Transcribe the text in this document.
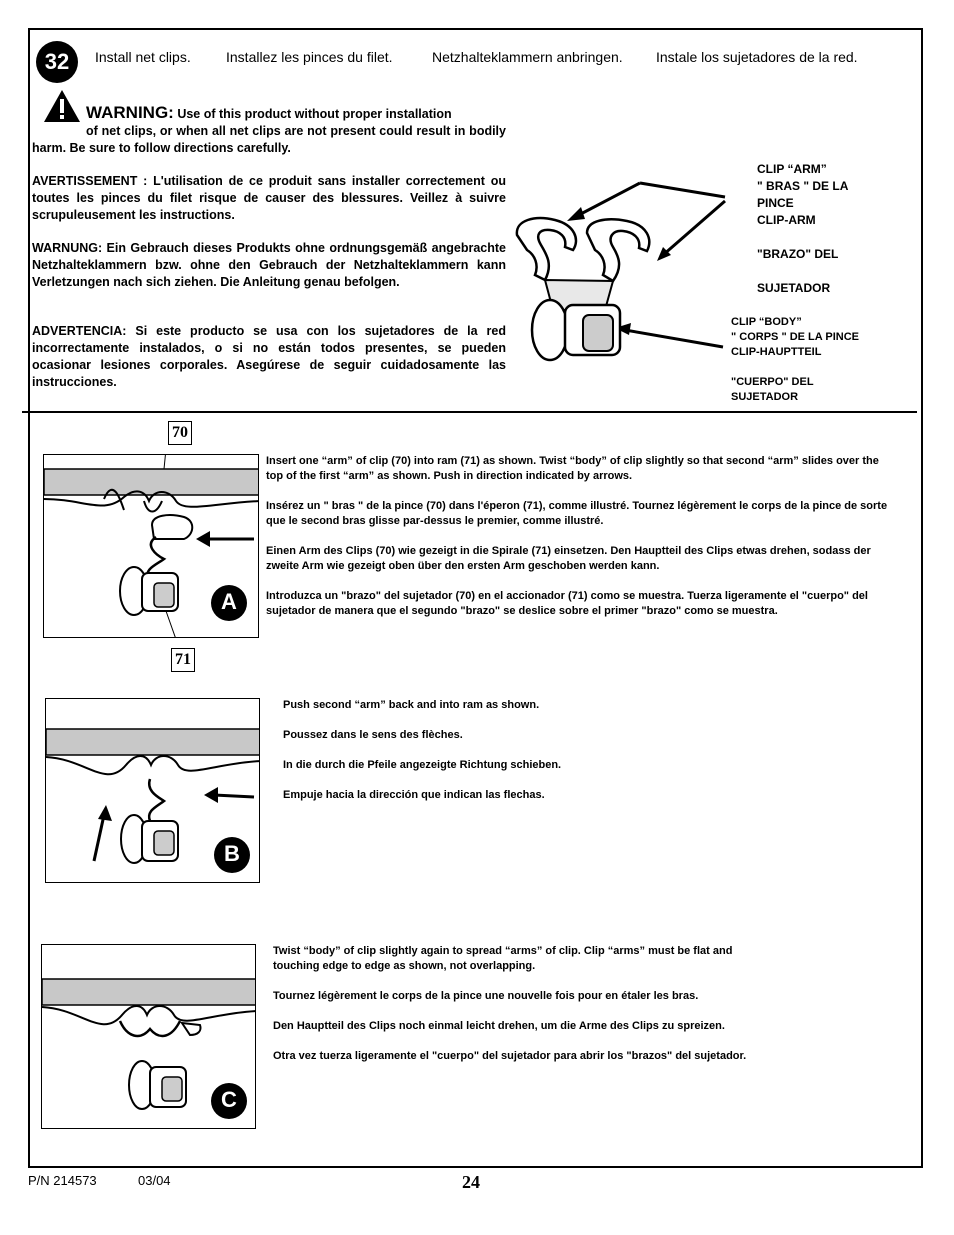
32	Install net clips.	Installez les pinces du filet.	Netzhalteklammern anbringen. Instale los sujetadores de la red.
WARNING: Use of this product without proper installation
of net clips, or when all net clips are not present could result in bodily harm. Be sure to follow directions carefully.
AVERTISSEMENT : L'utilisation de ce produit sans installer correctement ou toutes les pinces du filet risque de causer des blessures. Veillez à suivre scrupuleusement les instructions.
WARNUNG: Ein Gebrauch dieses Produkts ohne ordnungsgemäß angebrachte Netzhalteklammern bzw. ohne den Gebrauch der Netzhalteklammern kann Verletzungen nach sich ziehen. Die Anleitung genau befolgen.
ADVERTENCIA: Si este producto se usa con los sujetadores de la red incorrectamente instalados, o si no están todos presentes, se pueden ocasionar lesiones corporales. Asegúrese de seguir cuidadosamente las instrucciones.
CLIP “ARM”
" BRAS " DE LA
PINCE
CLIP-ARM
"BRAZO" DEL
SUJETADOR
CLIP “BODY”
" CORPS " DE LA PINCE
CLIP-HAUPTTEIL
"CUERPO" DEL
SUJETADOR
70
71
A

Insert one “arm” of clip (70) into ram (71) as shown. Twist “body” of clip slightly so that second “arm” slides over the top of the first “arm” as shown. Push in direction indicated by arrows.

Insérez un " bras " de la pince (70) dans l'éperon (71), comme illustré. Tournez légèrement le corps de la pince de sorte que le second bras glisse par-dessus le premier, comme illustré.

Einen Arm des Clips (70) wie gezeigt in die Spirale (71) einsetzen. Den Hauptteil des Clips etwas drehen, sodass der zweite Arm wie gezeigt oben über den ersten Arm geschoben werden kann.

Introduzca un "brazo" del sujetador (70) en el accionador (71) como se muestra. Tuerza ligeramente el "cuerpo" del sujetador de manera que el segundo "brazo" se deslice sobre el primer "brazo" como se muestra.

B

Push second “arm” back and into ram as shown.

Poussez dans le sens des flèches.

In die durch die Pfeile angezeigte Richtung schieben.

Empuje hacia la dirección que indican las flechas.

C

Twist “body” of clip slightly again to spread “arms” of clip. Clip “arms” must be flat and touching edge to edge as shown, not overlapping.

Tournez légèrement le corps de la pince une nouvelle fois pour en étaler les bras.

Den Hauptteil des Clips noch einmal leicht drehen, um die Arme des Clips zu spreizen.

Otra vez tuerza ligeramente el "cuerpo" del sujetador para abrir los "brazos" del sujetador.

P/N 214573	03/04	24
